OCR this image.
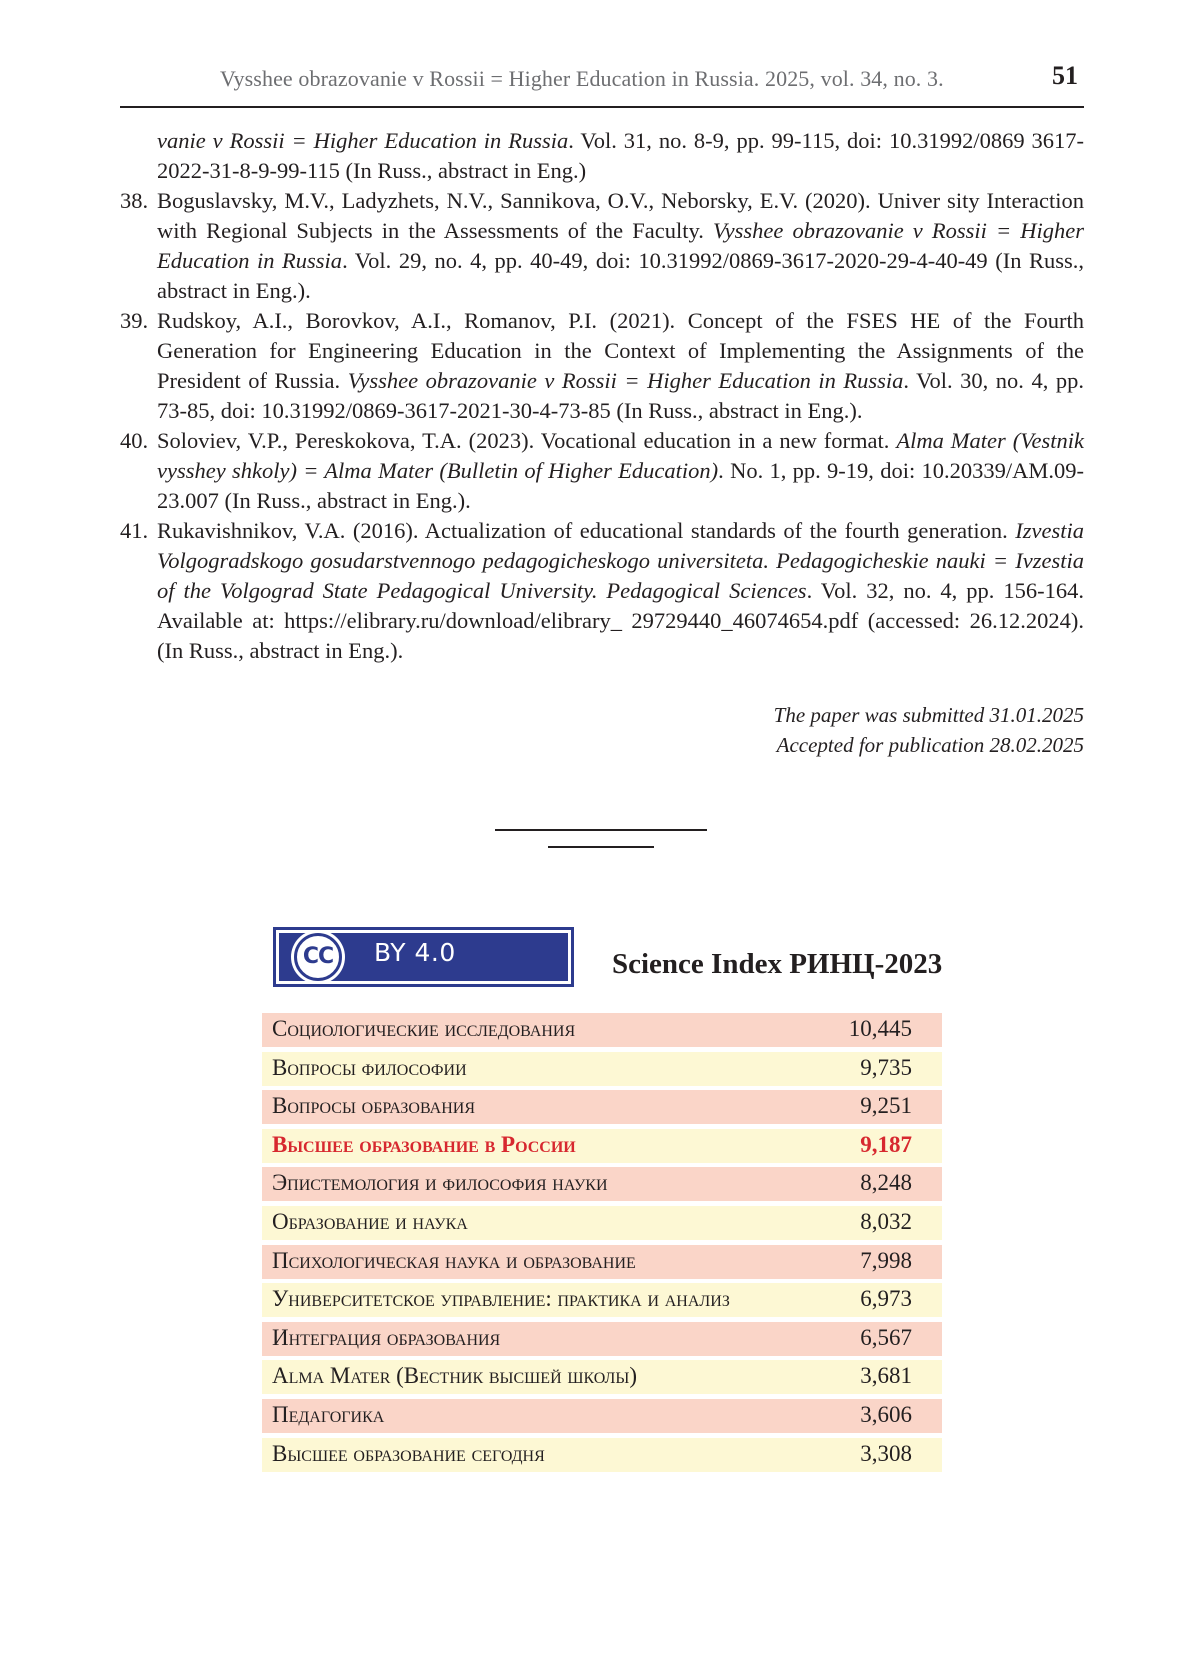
Vysshee obrazovanie v Rossii = Higher Education in Russia. 2025, vol. 34, no. 3.	51
vanie v Rossii = Higher Education in Russia. Vol. 31, no. 8-9, pp. 99-115, doi: 10.31992/0869 3617-2022-31-8-9-99-115 (In Russ., abstract in Eng.)
38. Boguslavsky, M.V., Ladyzhets, N.V., Sannikova, O.V., Neborsky, E.V. (2020). Univer sity Interaction with Regional Subjects in the Assessments of the Faculty. Vysshee obrazovanie v Rossii = Higher Education in Russia. Vol. 29, no. 4, pp. 40-49, doi: 10.31992/0869-3617-2020-29-4-40-49 (In Russ., abstract in Eng.).
39. Rudskoy, A.I., Borovkov, A.I., Romanov, P.I. (2021). Concept of the FSES HE of the Fourth Generation for Engineering Education in the Context of Implementing the Assignments of the President of Russia. Vysshee obrazovanie v Rossii = Higher Education in Russia. Vol. 30, no. 4, pp. 73-85, doi: 10.31992/0869-3617-2021-30-4-73-85 (In Russ., abstract in Eng.).
40. Soloviev, V.P., Pereskokova, T.A. (2023). Vocational education in a new format. Alma Mater (Vestnik vysshey shkoly) = Alma Mater (Bulletin of Higher Education). No. 1, pp. 9-19, doi: 10.20339/AM.09-23.007 (In Russ., abstract in Eng.).
41. Rukavishnikov, V.A. (2016). Actualization of educational standards of the fourth generation. Izvestia Volgogradskogo gosudarstvennogo pedagogicheskogo universiteta. Pedagogicheskie nauki = Ivzestia of the Volgograd State Pedagogical University. Pedagogical Sciences. Vol. 32, no. 4, pp. 156-164. Available at: https://elibrary.ru/download/elibrary_ 29729440_46074654.pdf (accessed: 26.12.2024). (In Russ., abstract in Eng.).
The paper was submitted 31.01.2025
Accepted for publication 28.02.2025
CC	BY 4.0	Science Index РИНЦ-2023
Социологические исследования	10,445
Вопросы философии	9,735
Вопросы образования	9,251
Высшее образование в России	9,187
Эпистемология и философия науки	8,248
Образование и наука	8,032
Психологическая наука и образование	7,998
Университетское управление: практика и анализ	6,973
Интеграция образования	6,567
Alma Mater (Вестник высшей школы)	3,681
Педагогика	3,606
Высшее образование сегодня	3,308
